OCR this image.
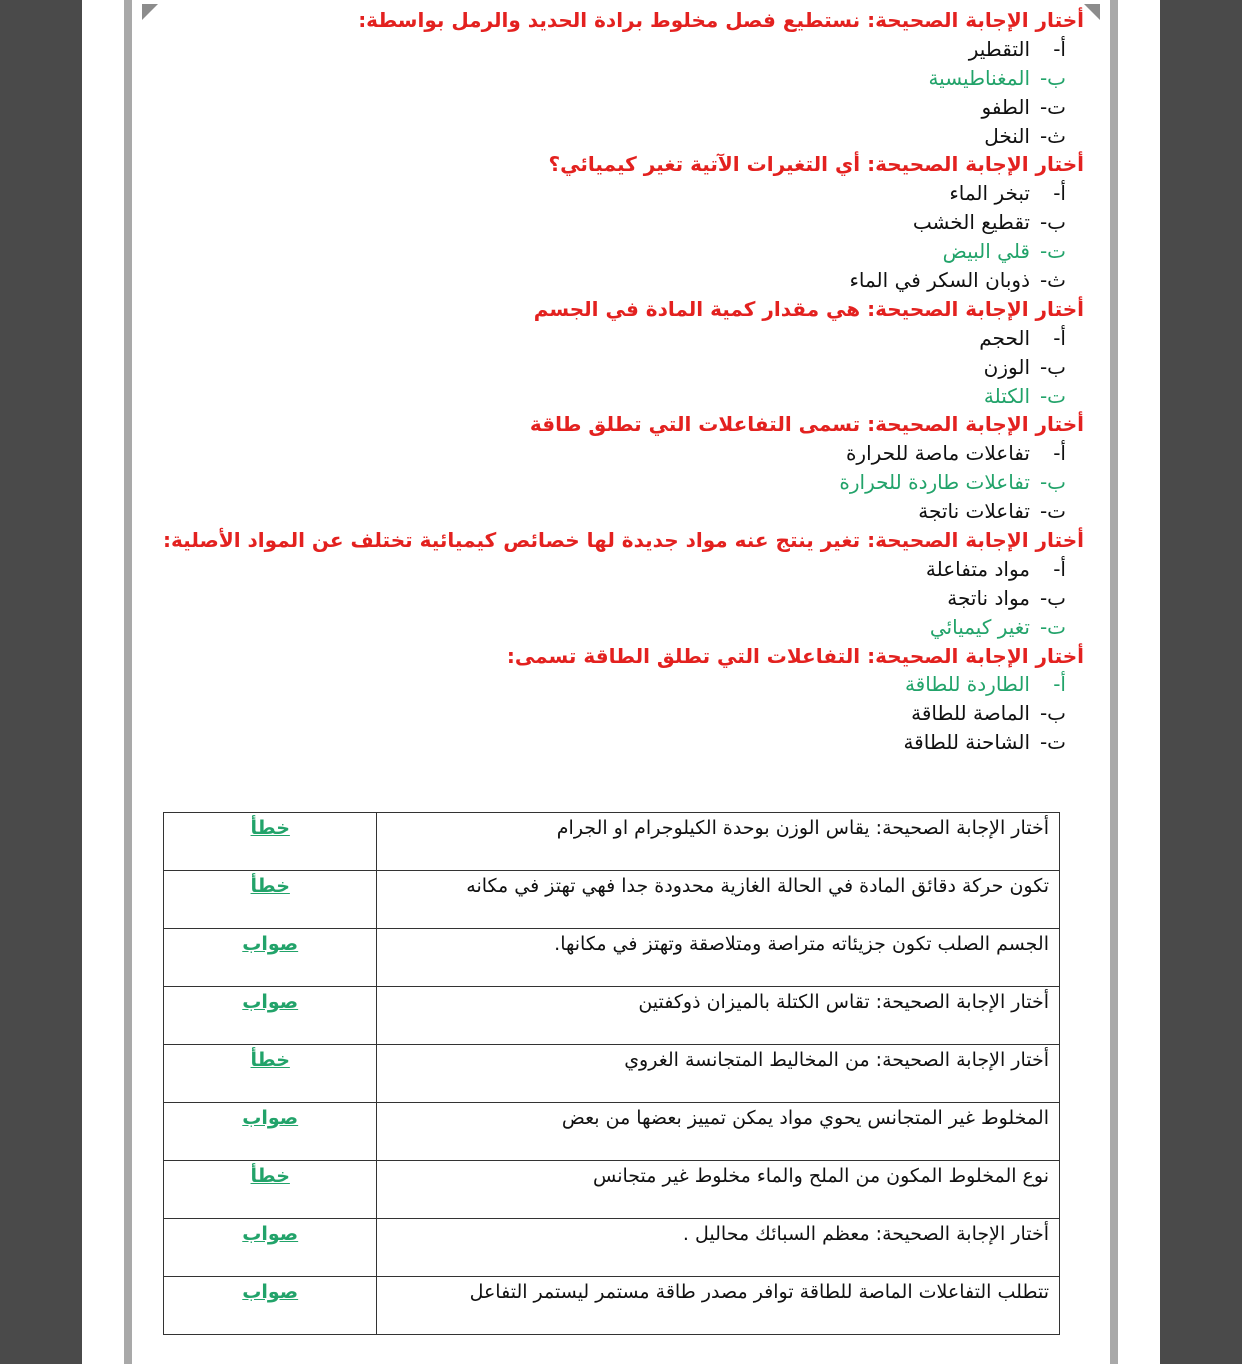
أختار الإجابة الصحيحة: نستطيع فصل مخلوط برادة الحديد والرمل بواسطة:
أ-
التقطير
ب-
المغناطيسية
ت-
الطفو
ث-
النخل
أختار الإجابة الصحيحة: أي التغيرات الآتية تغير كيميائي؟
أ-
تبخر الماء
ب-
تقطيع الخشب
ت-
قلي البيض
ث-
ذوبان السكر في الماء
أختار الإجابة الصحيحة: هي مقدار كمية المادة في الجسم
أ-
الحجم
ب-
الوزن
ت-
الكتلة
أختار الإجابة الصحيحة: تسمى التفاعلات التي تطلق طاقة
أ-
تفاعلات ماصة للحرارة
ب-
تفاعلات طاردة للحرارة
ت-
تفاعلات ناتجة
أختار الإجابة الصحيحة: تغير ينتج عنه مواد جديدة لها خصائص كيميائية تختلف عن المواد الأصلية:
أ-
مواد متفاعلة
ب-
مواد ناتجة
ت-
تغير كيميائي
أختار الإجابة الصحيحة: التفاعلات التي تطلق الطاقة تسمى:
أ-
الطاردة للطاقة
ب-
الماصة للطاقة
ت-
الشاحنة للطاقة
أختار الإجابة الصحيحة: يقاس الوزن بوحدة الكيلوجرام او الجرام	خطأ
تكون حركة دقائق المادة في الحالة الغازية محدودة جدا فهي تهتز في مكانه	خطأ
الجسم الصلب تكون جزيئاته متراصة ومتلاصقة وتهتز في مكانها.	صواب
أختار الإجابة الصحيحة: تقاس الكتلة بالميزان ذوكفتين	صواب
أختار الإجابة الصحيحة: من المخاليط المتجانسة الغروي	خطأ
المخلوط غير المتجانس يحوي مواد يمكن تمييز بعضها من بعض	صواب
نوع المخلوط المكون من الملح والماء مخلوط غير متجانس	خطأ
أختار الإجابة الصحيحة: معظم السبائك محاليل .	صواب
تتطلب التفاعلات الماصة للطاقة توافر مصدر طاقة مستمر ليستمر التفاعل	صواب
